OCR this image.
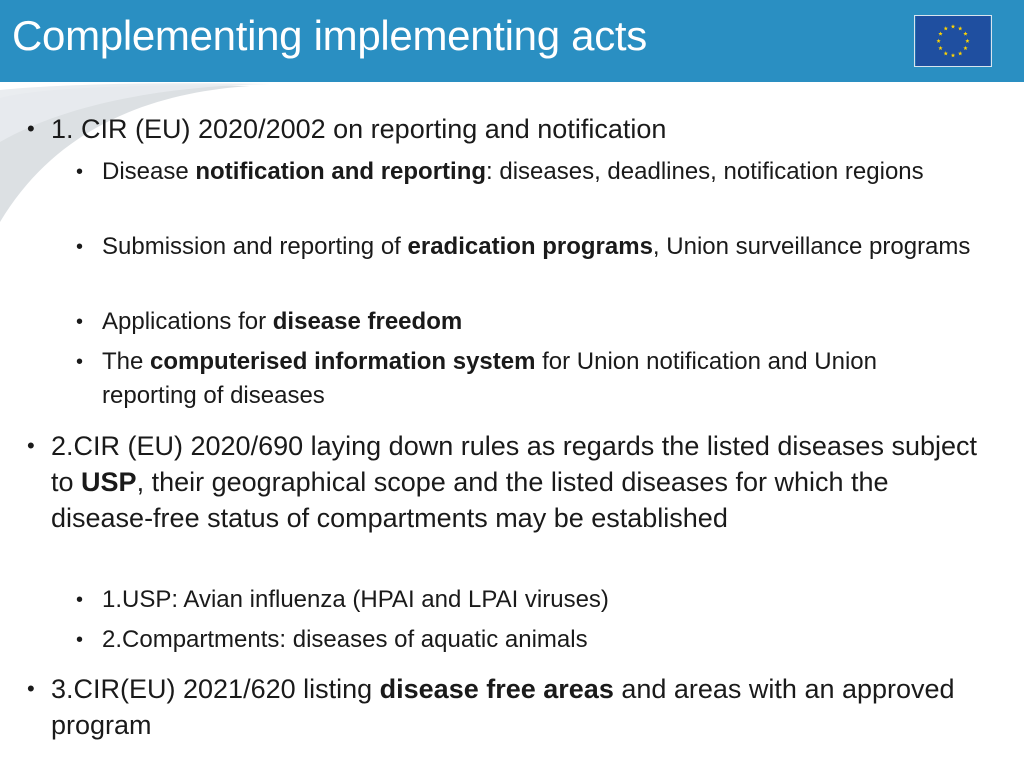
Complementing implementing acts
• 1. CIR (EU) 2020/2002 on reporting and notification
• Disease notification and reporting: diseases, deadlines, notification regions
• Submission and reporting of eradication programs, Union surveillance programs
• Applications for disease freedom
• The computerised information system for Union notification and Union reporting of diseases
• 2.CIR (EU) 2020/690 laying down rules as regards the listed diseases subject to USP, their geographical scope and the listed diseases for which the disease-free status of compartments may be established
• 1.USP: Avian influenza (HPAI and LPAI viruses)
• 2.Compartments: diseases of aquatic animals
• 3.CIR(EU) 2021/620 listing disease free areas and areas with an approved program
